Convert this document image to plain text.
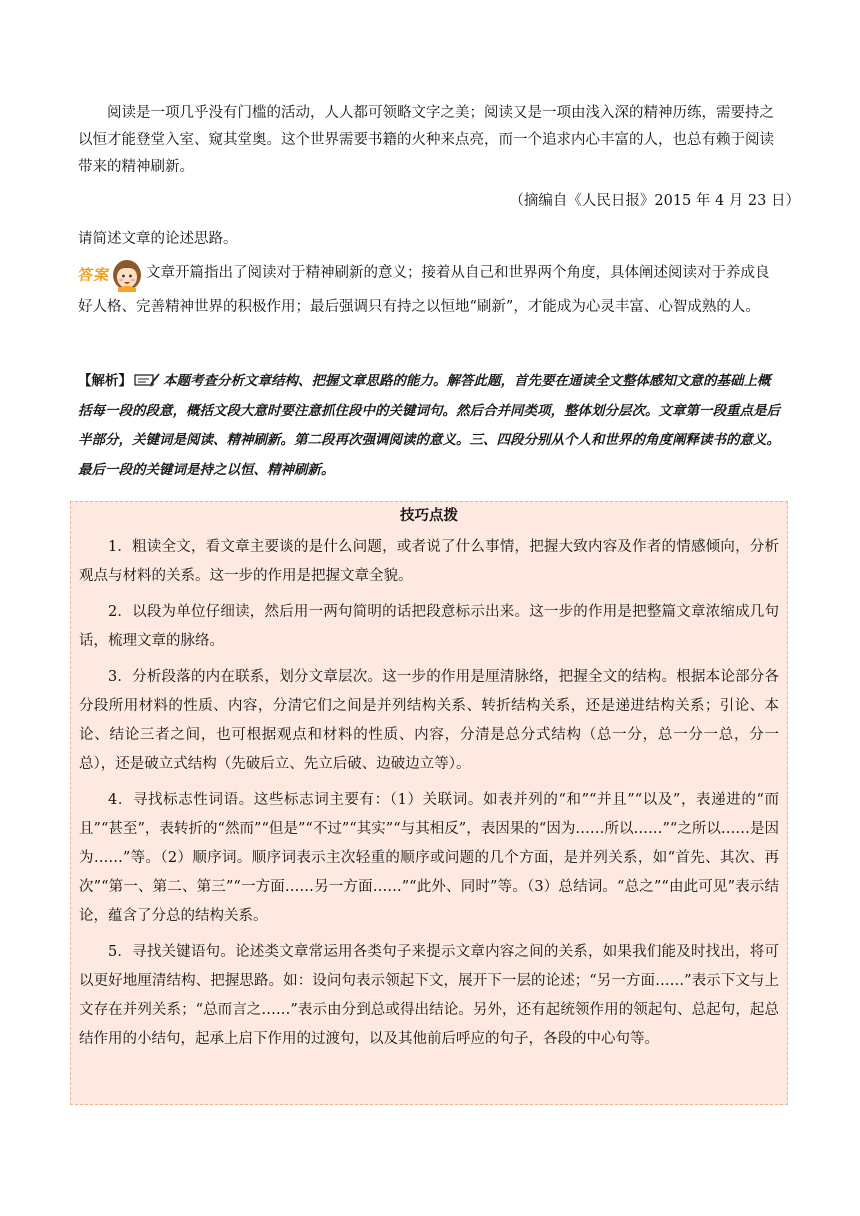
阅读是一项几乎没有门槛的活动，人人都可领略文字之美；阅读又是一项由浅入深的精神历练，需要持之以恒才能登堂入室、窥其堂奥。这个世界需要书籍的火种来点亮，而一个追求内心丰富的人，也总有赖于阅读带来的精神刷新。

（摘编自《人民日报》2015 年 4 月 23 日）
请简述文章的论述思路。
答案 文章开篇指出了阅读对于精神刷新的意义；接着从自己和世界两个角度，具体阐述阅读对于养成良好人格、完善精神世界的积极作用；最后强调只有持之以恒地“刷新”，才能成为心灵丰富、心智成熟的人。
【解析】 本题考查分析文章结构、把握文章思路的能力。解答此题，首先要在通读全文整体感知文意的基础上概括每一段的段意，概括文段大意时要注意抓住段中的关键词句。然后合并同类项，整体划分层次。文章第一段重点是后半部分，关键词是阅读、精神刷新。第二段再次强调阅读的意义。三、四段分别从个人和世界的角度阐释读书的意义。最后一段的关键词是持之以恒、精神刷新。
技巧点拨

1．粗读全文，看文章主要谈的是什么问题，或者说了什么事情，把握大致内容及作者的情感倾向，分析观点与材料的关系。这一步的作用是把握文章全貌。

2．以段为单位仔细读，然后用一两句简明的话把段意标示出来。这一步的作用是把整篇文章浓缩成几句话，梳理文章的脉络。

3．分析段落的内在联系，划分文章层次。这一步的作用是厘清脉络，把握全文的结构。根据本论部分各分段所用材料的性质、内容，分清它们之间是并列结构关系、转折结构关系，还是递进结构关系；引论、本论、结论三者之间，也可根据观点和材料的性质、内容，分清是总分式结构（总一分，总一分一总，分一总），还是破立式结构（先破后立、先立后破、边破边立等）。

4．寻找标志性词语。这些标志词主要有：（1）关联词。如表并列的“和”“并且”“以及”，表递进的“而且”“甚至”，表转折的“然而”“但是”“不过”“其实”“与其相反”，表因果的“因为……所以……”“之所以……是因为……”等。（2）顺序词。顺序词表示主次轻重的顺序或问题的几个方面，是并列关系，如“首先、其次、再次”“第一、第二、第三”“一方面……另一方面……”“此外、同时”等。（3）总结词。“总之”“由此可见”表示结论，蕴含了分总的结构关系。

5．寻找关键语句。论述类文章常运用各类句子来提示文章内容之间的关系，如果我们能及时找出，将可以更好地厘清结构、把握思路。如：设问句表示领起下文，展开下一层的论述；“另一方面……”表示下文与上文存在并列关系；“总而言之……”表示由分到总或得出结论。另外，还有起统领作用的领起句、总起句，起总结作用的小结句，起承上启下作用的过渡句，以及其他前后呼应的句子，各段的中心句等。
